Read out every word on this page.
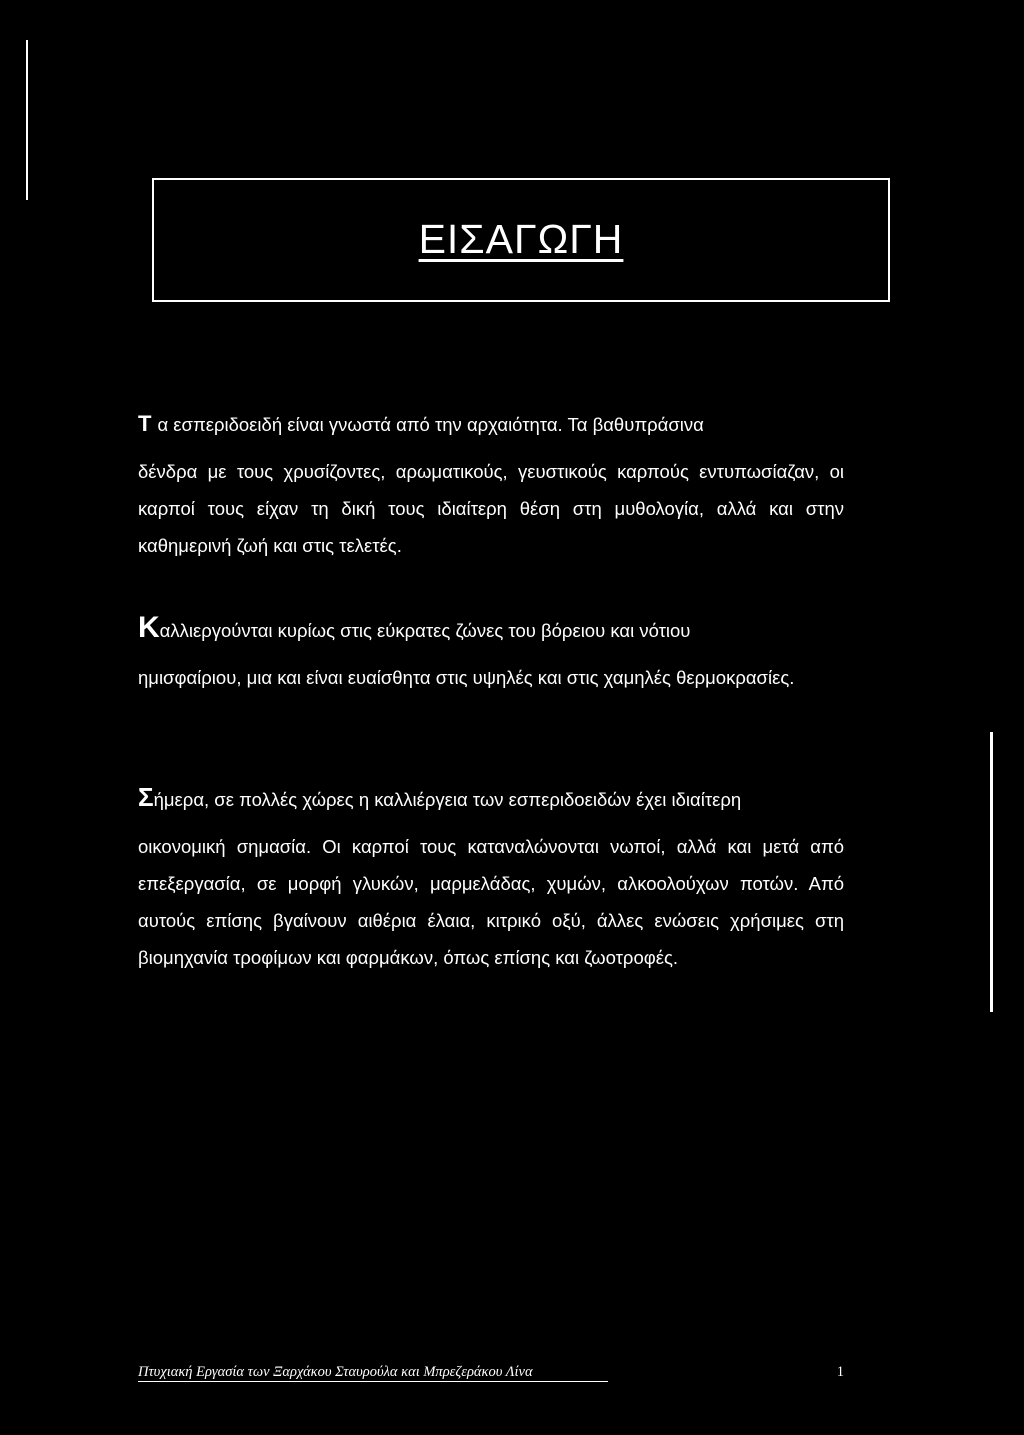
ΕΙΣΑΓΩΓΗ
Τ α εσπεριδοειδή είναι γνωστά από την αρχαιότητα. Τα βαθυπράσινα
δένδρα με τους χρυσίζοντες, αρωματικούς, γευστικούς καρπούς εντυπωσίαζαν, οι καρποί τους είχαν τη δική τους ιδιαίτερη θέση στη μυθολογία, αλλά και στην καθημερινή ζωή και στις τελετές.
Καλλιεργούνται κυρίως στις εύκρατες ζώνες του βόρειου και νότιου
ημισφαίριου, μια και είναι ευαίσθητα στις υψηλές και στις χαμηλές θερμοκρασίες.
Σήμερα, σε πολλές χώρες η καλλιέργεια των εσπεριδοειδών έχει ιδιαίτερη
οικονομική σημασία. Οι καρποί τους καταναλώνονται νωποί, αλλά και μετά από επεξεργασία, σε μορφή γλυκών, μαρμελάδας, χυμών, αλκοολούχων ποτών. Από αυτούς επίσης βγαίνουν αιθέρια έλαια, κιτρικό οξύ, άλλες ενώσεις χρήσιμες στη βιομηχανία τροφίμων και φαρμάκων, όπως επίσης και ζωοτροφές.
Πτυχιακή Εργασία των Ξαρχάκου Σταυρούλα και Μπρεζεράκου Λίνα	1
